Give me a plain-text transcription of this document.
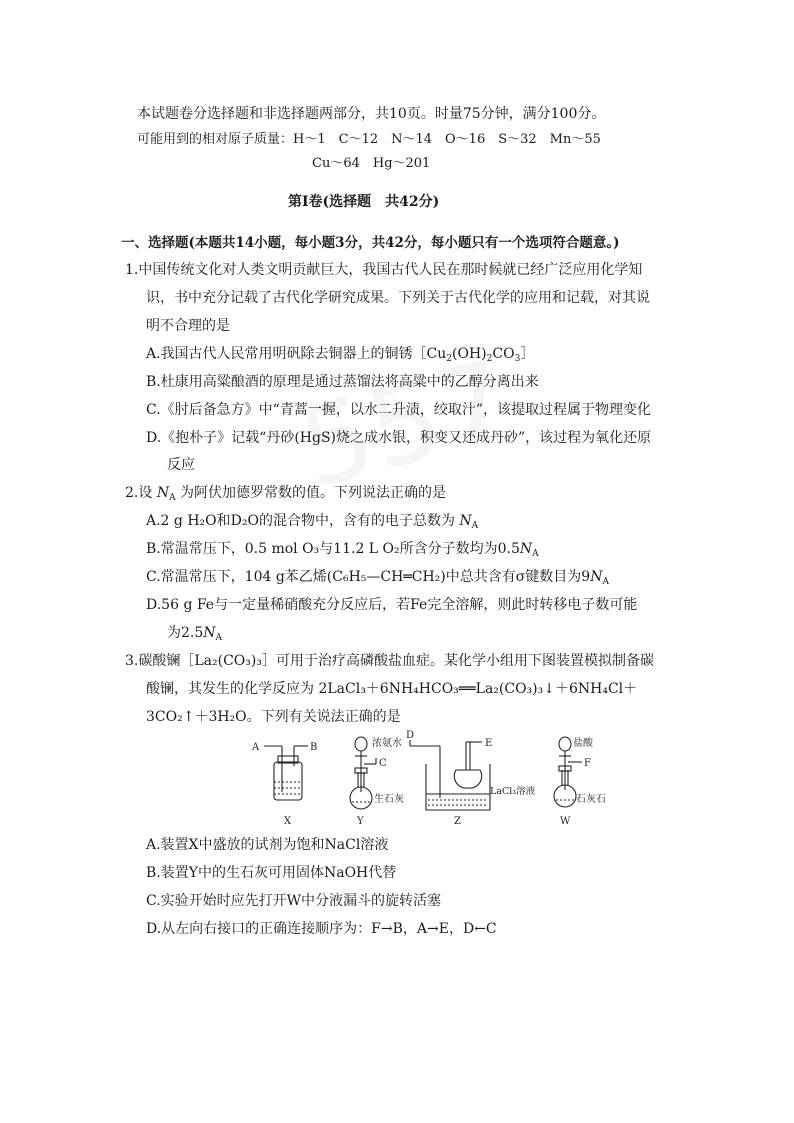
本试题卷分选择题和非选择题两部分，共10页。时量75分钟，满分100分。
可能用到的相对原子质量：H～1　C～12　N～14　O～16　S～32　Mn～55
Cu～64　Hg～201
第Ⅰ卷(选择题　共42分)
一、选择题(本题共14小题，每小题3分，共42分，每小题只有一个选项符合题意。)
1.中国传统文化对人类文明贡献巨大，我国古代人民在那时候就已经广泛应用化学知
识，书中充分记载了古代化学研究成果。下列关于古代化学的应用和记载，对其说
明不合理的是
A.我国古代人民常用明矾除去铜器上的铜锈$[Cu_2(OH)_2CO_3]$
B.杜康用高粱酿酒的原理是通过蒸馏法将高粱中的乙醇分离出来
C.《肘后备急方》中“青蒿一握，以水二升渍，绞取汁”，该提取过程属于物理变化
D.《抱朴子》记载“丹砂(HgS)烧之成水银，积变又还成丹砂”，该过程为氧化还原
反应
2.设 $N_A$ 为阿伏加德罗常数的值。下列说法正确的是
A.2 g H₂O和D₂O的混合物中，含有的电子总数为 $N_A$
B.常温常压下，0.5 mol O₃与11.2 L O₂所含分子数均为$0.5N_A$
C.常温常压下，104 g苯乙烯(C₆H₅—CH═CH₂)中总共含有σ键数目为$9N_A$
D.56 g Fe与一定量稀硝酸充分反应后，若Fe完全溶解，则此时转移电子数可能
为$2.5N_A$
3.碳酸镧［La₂(CO₃)₃］可用于治疗高磷酸盐血症。某化学小组用下图装置模拟制备碳
酸镧，其发生的化学反应为 2LaCl₃＋6NH₄HCO₃══La₂(CO₃)₃↓＋6NH₄Cl＋
3CO₂↑＋3H₂O。下列有关说法正确的是
A	B
X
浓氨水
C
生石灰
Y
D
E
LaCl₃溶液
Z
盐酸
F
石灰石
W
A.装置X中盛放的试剂为饱和NaCl溶液
B.装置Y中的生石灰可用固体NaOH代替
C.实验开始时应先打开W中分液漏斗的旋转活塞
D.从左向右接口的正确连接顺序为：F→B，A→E，D←C
